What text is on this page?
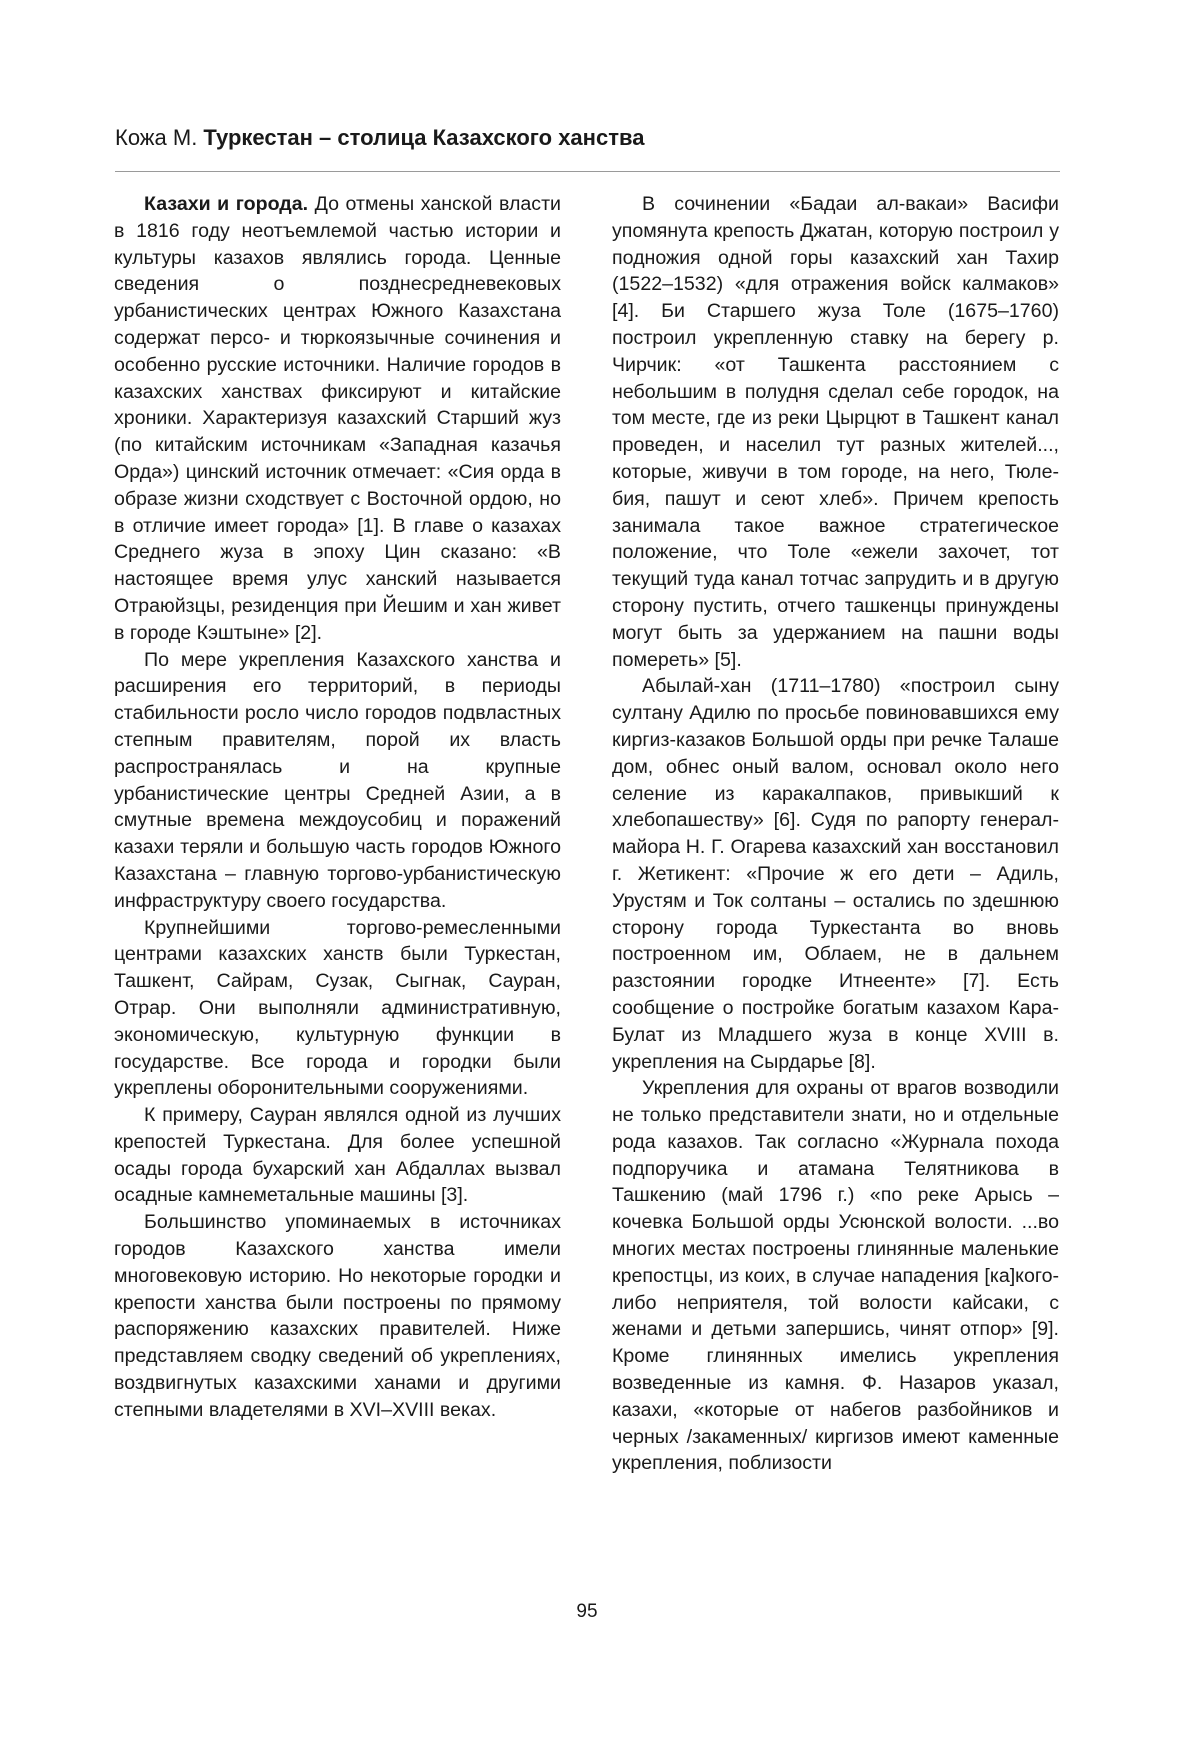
Кожа М. Туркестан – столица Казахского ханства

Казахи и города. До отмены ханской власти в 1816 году неотъемлемой частью истории и культуры казахов являлись города. Ценные сведения о позднесредневековых урбанистических центрах Южного Казахстана содержат персо- и тюркоязычные сочинения и особенно русские источники. Наличие городов в казахских ханствах фиксируют и китайские хроники. Характеризуя казахский Старший жуз (по китайским источникам «Западная казачья Орда») цинский источник отмечает: «Сия орда в образе жизни сходствует с Восточной ордою, но в отличие имеет города» [1]. В главе о казахах Среднего жуза в эпоху Цин сказано: «В настоящее время улус ханский называется Отраюйзцы, резиденция при Йешим и хан живет в городе Кэштыне» [2].

По мере укрепления Казахского ханства и расширения его территорий, в периоды стабильности росло число городов подвластных степным правителям, порой их власть распространялась и на крупные урбанистические центры Средней Азии, а в смутные времена междоусобиц и поражений казахи теряли и большую часть городов Южного Казахстана – главную торгово-урбанистическую инфраструктуру своего государства.

Крупнейшими торгово-ремесленными центрами казахских ханств были Туркестан, Ташкент, Сайрам, Сузак, Сыгнак, Сауран, Отрар. Они выполняли административную, экономическую, культурную функции в государстве. Все города и городки были укреплены оборонительными сооружениями.

К примеру, Сауран являлся одной из лучших крепостей Туркестана. Для более успешной осады города бухарский хан Абдаллах вызвал осадные камнеметальные машины [3].

Большинство упоминаемых в источниках городов Казахского ханства имели многовековую историю. Но некоторые городки и крепости ханства были построены по прямому распоряжению казахских правителей. Ниже представляем сводку сведений об укреплениях, воздвигнутых казахскими ханами и другими степными владетелями в XVI–XVIII веках.

В сочинении «Бадаи ал-вакаи» Васифи упомянута крепость Джатан, которую построил у подножия одной горы казахский хан Тахир (1522–1532) «для отражения войск калмаков» [4]. Би Старшего жуза Толе (1675–1760) построил укрепленную ставку на берегу р. Чирчик: «от Ташкента расстоянием с небольшим в полудня сделал себе городок, на том месте, где из реки Цырцют в Ташкент канал проведен, и населил тут разных жителей..., которые, живучи в том городе, на него, Тюле-бия, пашут и сеют хлеб». Причем крепость занимала такое важное стратегическое положение, что Толе «ежели захочет, тот текущий туда канал тотчас запрудить и в другую сторону пустить, отчего ташкенцы принуждены могут быть за удержанием на пашни воды помереть» [5].

Абылай-хан (1711–1780) «построил сыну султану Адилю по просьбе повиновавшихся ему киргиз-казаков Большой орды при речке Талаше дом, обнес оный валом, основал около него селение из каракалпаков, привыкший к хлебопашеству» [6]. Судя по рапорту генерал-майора Н. Г. Огарева казахский хан восстановил г. Жетикент: «Прочие ж его дети – Адиль, Урустям и Ток солтаны – остались по здешнюю сторону города Туркестанта во вновь построенном им, Облаем, не в дальнем разстоянии городке Итнеенте» [7]. Есть сообщение о постройке богатым казахом Кара-Булат из Младшего жуза в конце XVIII в. укрепления на Сырдарье [8].

Укрепления для охраны от врагов возводили не только представители знати, но и отдельные рода казахов. Так согласно «Журнала похода подпоручика и атамана Телятникова в Ташкению (май 1796 г.) «по реке Арысь – кочевка Большой орды Усюнской волости. ...во многих местах построены глинянные маленькие крепостцы, из коих, в случае нападения [ка]кого-либо неприятеля, той волости кайсаки, с женами и детьми запершись, чинят отпор» [9]. Кроме глинянных имелись укрепления возведенные из камня. Ф. Назаров указал, казахи, «которые от набегов разбойников и черных /закаменных/ киргизов имеют каменные укрепления, поблизости

95
